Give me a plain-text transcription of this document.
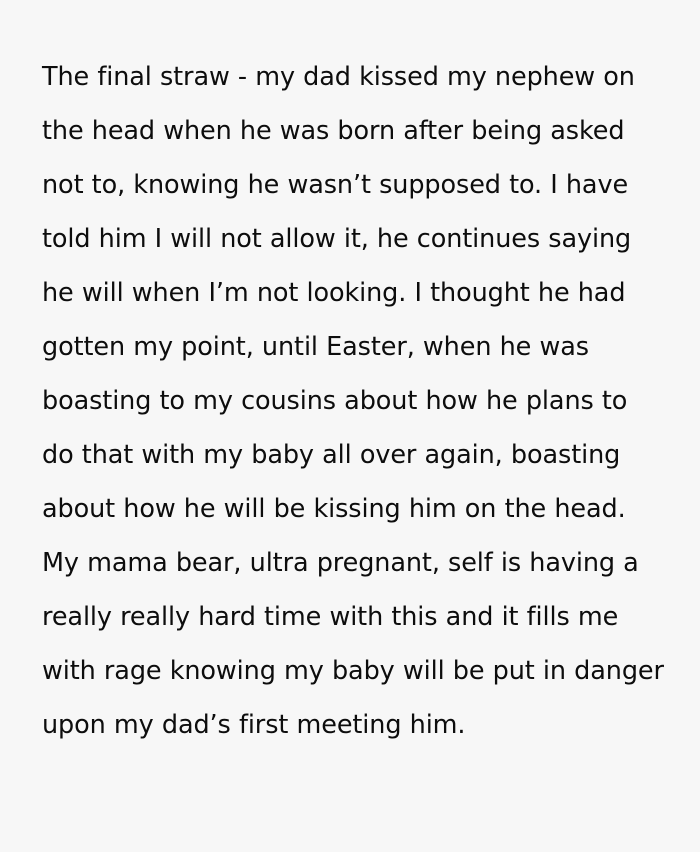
The final straw - my dad kissed my nephew on the head when he was born after being asked not to, knowing he wasn’t supposed to. I have told him I will not allow it, he continues saying he will when I’m not looking. I thought he had gotten my point, until Easter, when he was boasting to my cousins about how he plans to do that with my baby all over again, boasting about how he will be kissing him on the head. My mama bear, ultra pregnant, self is having a really really hard time with this and it fills me with rage knowing my baby will be put in danger upon my dad’s first meeting him.
